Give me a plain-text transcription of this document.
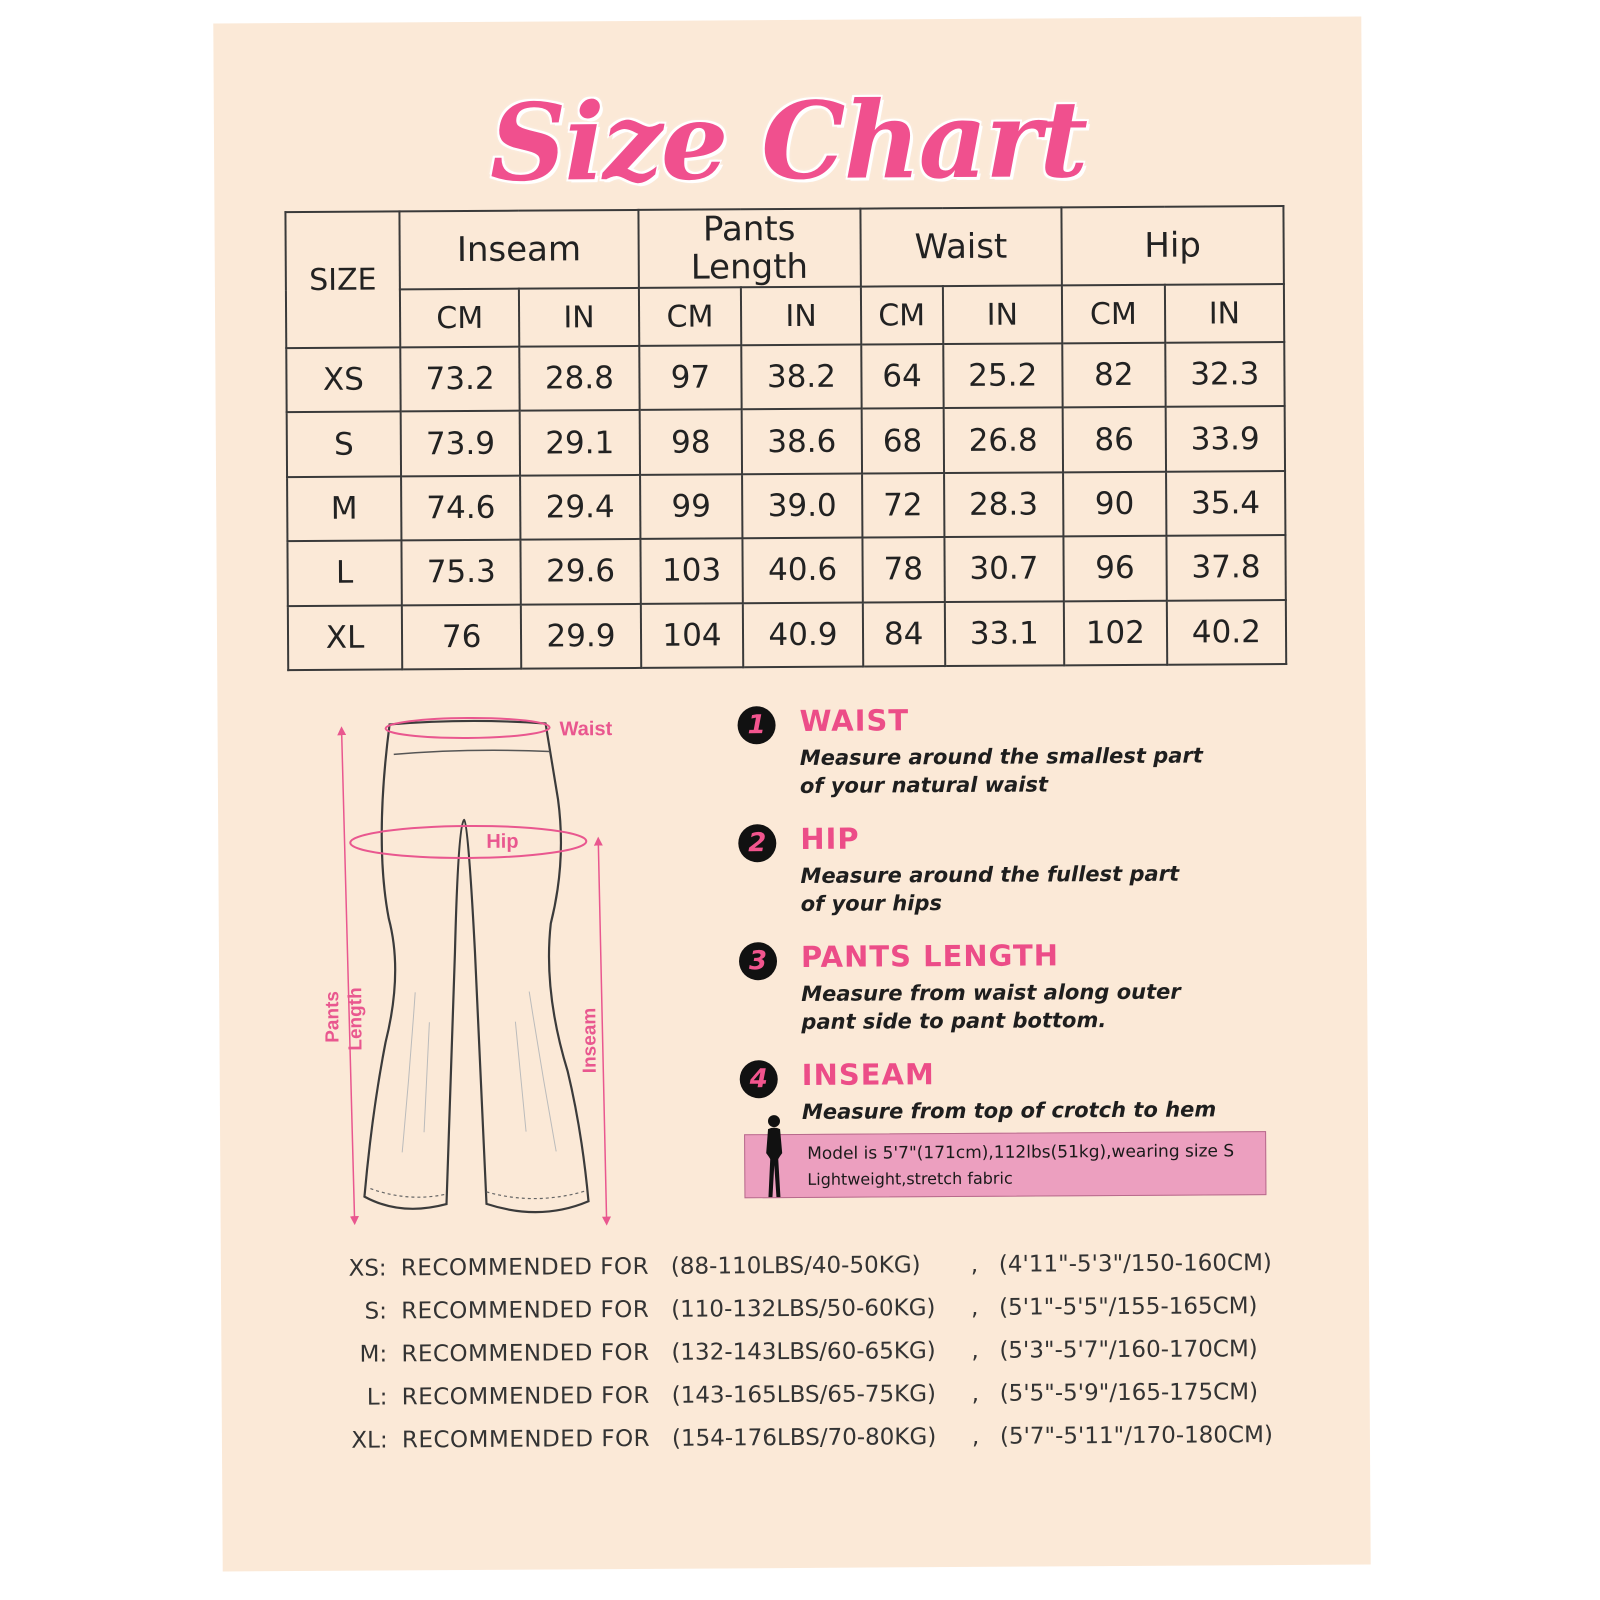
Size Chart
SIZE	Inseam		Pants Length		Waist		Hip	
	CM	IN	CM	IN	CM	IN	CM	IN
XS	73.2	28.8	97	38.2	64	25.2	82	32.3
S	73.9	29.1	98	38.6	68	26.8	86	33.9
M	74.6	29.4	99	39.0	72	28.3	90	35.4
L	75.3	29.6	103	40.6	78	30.7	96	37.8
XL	76	29.9	104	40.9	84	33.1	102	40.2
Waist
Hip
Pants Length	Inseam
1	WAIST
Measure around the smallest part
of your natural waist
2	HIP
Measure around the fullest part
of your hips
3	PANTS LENGTH
Measure from waist along outer
pant side to pant bottom.
4	INSEAM
Measure from top of crotch to hem
Model is 5'7"(171cm),112lbs(51kg),wearing size S
Lightweight,stretch fabric
XS : RECOMMENDED FOR (88-110LBS/40-50KG)	, (4'11"-5'3"/150-160CM)
S : RECOMMENDED FOR (110-132LBS/50-60KG)	, (5'1"-5'5"/155-165CM)
M : RECOMMENDED FOR (132-143LBS/60-65KG)	, (5'3"-5'7"/160-170CM)
L : RECOMMENDED FOR (143-165LBS/65-75KG)	, (5'5"-5'9"/165-175CM)
XL : RECOMMENDED FOR (154-176LBS/70-80KG)	, (5'7"-5'11"/170-180CM)
